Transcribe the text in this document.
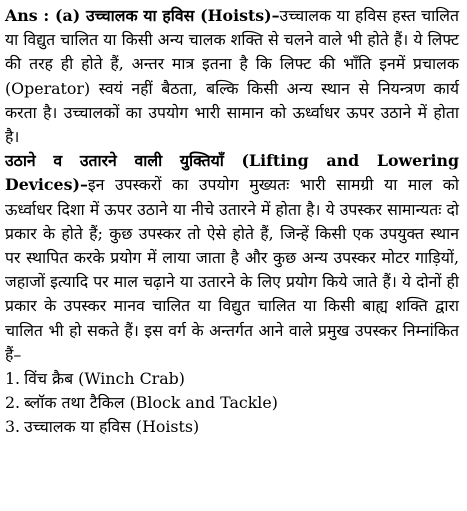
Ans : (a) उच्चालक या हविस (Hoists)–उच्चालक या हविस हस्त चालित या विद्युत चालित या किसी अन्य चालक शक्ति से चलने वाले भी होते हैं। ये लिफ्ट की तरह ही होते हैं, अन्तर मात्र इतना है कि लिफ्ट की भाँति इनमें प्रचालक (Operator) स्वयं नहीं बैठता, बल्कि किसी अन्य स्थान से नियन्त्रण कार्य करता है। उच्चालकों का उपयोग भारी सामान को ऊर्ध्वाधर ऊपर उठाने में होता है।

उठाने व उतारने वाली युक्तियाँ (Lifting and Lowering Devices)–इन उपस्करों का उपयोग मुख्यतः भारी सामग्री या माल को ऊर्ध्वाधर दिशा में ऊपर उठाने या नीचे उतारने में होता है। ये उपस्कर सामान्यतः दो प्रकार के होते हैं; कुछ उपस्कर तो ऐसे होते हैं, जिन्हें किसी एक उपयुक्त स्थान पर स्थापित करके प्रयोग में लाया जाता है और कुछ अन्य उपस्कर मोटर गाड़ियों, जहाजों इत्यादि पर माल चढ़ाने या उतारने के लिए प्रयोग किये जाते हैं। ये दोनों ही प्रकार के उपस्कर मानव चालित या विद्युत चालित या किसी बाह्य शक्ति द्वारा चालित भी हो सकते हैं। इस वर्ग के अन्तर्गत आने वाले प्रमुख उपस्कर निम्नांकित हैं–

1. विंच क्रैब (Winch Crab)
2. ब्लॉक तथा टैकिल (Block and Tackle)
3. उच्चालक या हविस (Hoists)
